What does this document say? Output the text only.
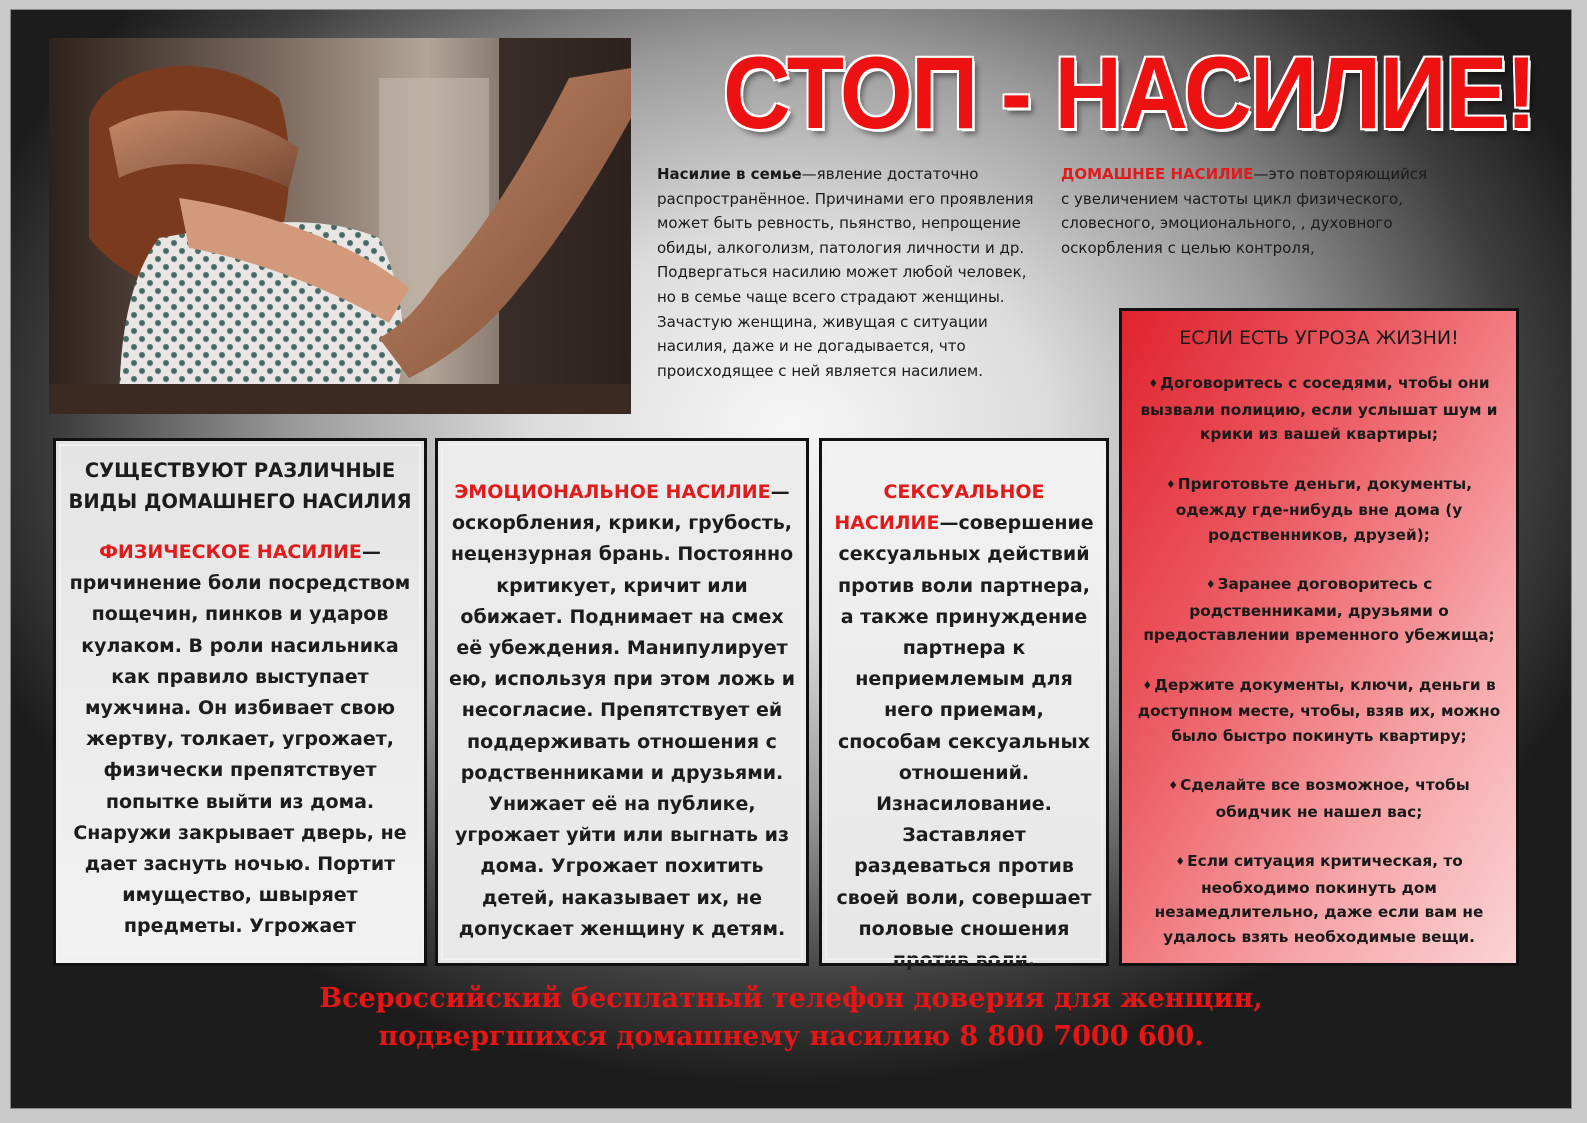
СТОП - НАСИЛИЕ!
Насилие в семье—явление достаточно распространённое. Причинами его проявления может быть ревность, пьянство, непрощение обиды, алкоголизм, патология личности и др. Подвергаться насилию может любой человек, но в семье чаще всего страдают женщины. Зачастую женщина, живущая с ситуации насилия, даже и не догадывается, что происходящее с ней является насилием.
ДОМАШНЕЕ НАСИЛИЕ—это повторяющийся с увеличением частоты цикл физического, словесного, эмоционального, , духовного оскорбления с целью контроля,
СУЩЕСТВУЮТ РАЗЛИЧНЫЕ ВИДЫ ДОМАШНЕГО НАСИЛИЯ
ФИЗИЧЕСКОЕ НАСИЛИЕ—причинение боли посредством пощечин, пинков и ударов кулаком. В роли насильника как правило выступает мужчина. Он избивает свою жертву, толкает, угрожает, физически препятствует попытке выйти из дома. Снаружи закрывает дверь, не дает заснуть ночью. Портит имущество, швыряет предметы. Угрожает
ЭМОЦИОНАЛЬНОЕ НАСИЛИЕ— оскорбления, крики, грубость, нецензурная брань. Постоянно критикует, кричит или обижает. Поднимает на смех её убеждения. Манипулирует ею, используя при этом ложь и несогласие. Препятствует ей поддерживать отношения с родственниками и друзьями. Унижает её на публике, угрожает уйти или выгнать из дома. Угрожает похитить детей, наказывает их, не допускает женщину к детям.
СЕКСУАЛЬНОЕ НАСИЛИЕ—совершение сексуальных действий против воли партнера, а также принуждение партнера к неприемлемым для него приемам, способам сексуальных отношений. Изнасилование. Заставляет раздеваться против своей воли, совершает половые сношения против воли.
ЕСЛИ ЕСТЬ УГРОЗА ЖИЗНИ!
♦ Договоритесь с соседями, чтобы они вызвали полицию, если услышат шум и крики из вашей квартиры;
♦ Приготовьте деньги, документы, одежду где-нибудь вне дома (у родственников, друзей);
♦ Заранее договоритесь с родственниками, друзьями о предоставлении временного убежища;
♦ Держите документы, ключи, деньги в доступном месте, чтобы, взяв их, можно было быстро покинуть квартиру;
♦ Сделайте все возможное, чтобы обидчик не нашел вас;
♦ Если ситуация критическая, то необходимо покинуть дом незамедлительно, даже если вам не удалось взять необходимые вещи.
Всероссийский бесплатный телефон доверия для женщин,
подвергшихся домашнему насилию 8 800 7000 600.
